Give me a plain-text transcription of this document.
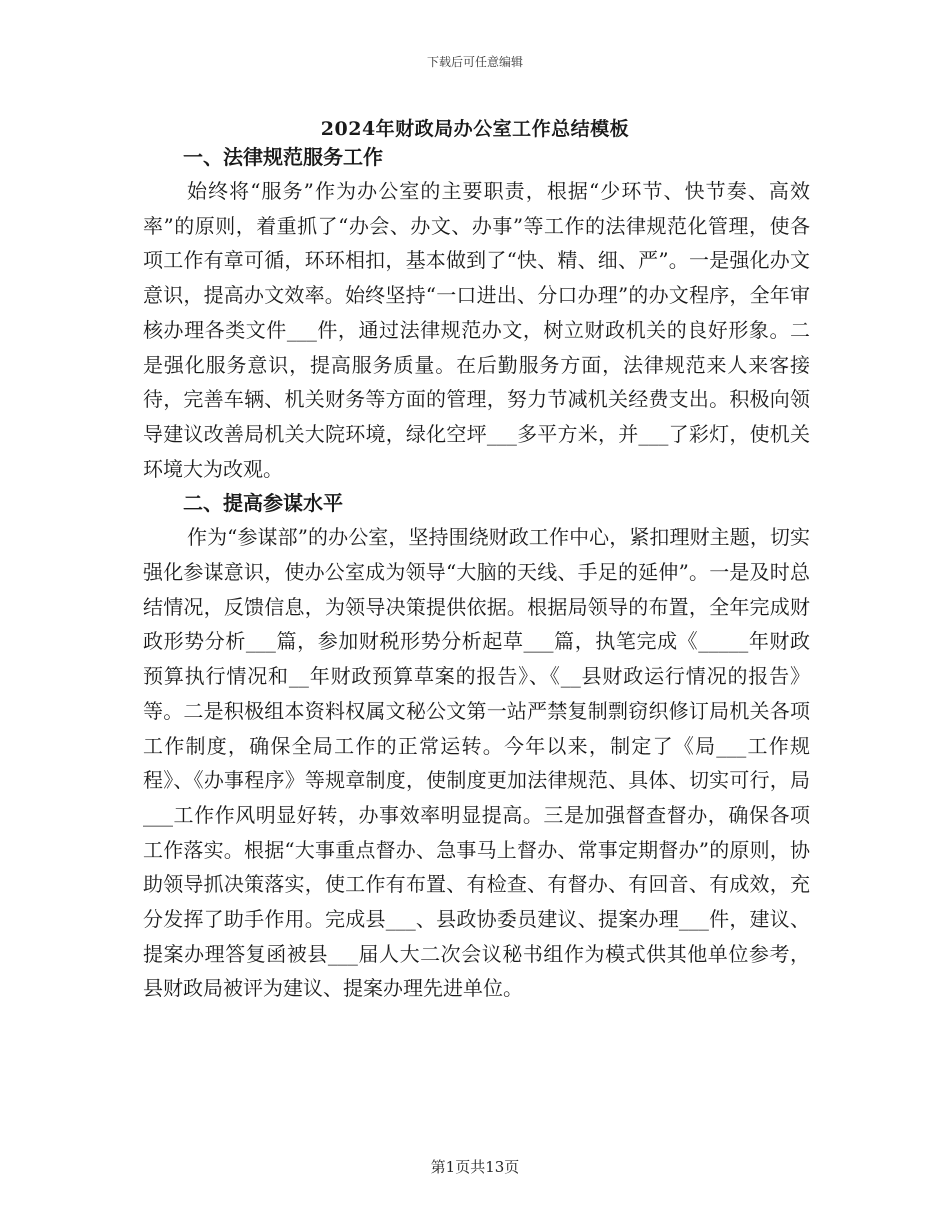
下载后可任意编辑
2024年财政局办公室工作总结模板
一、法律规范服务工作

始终将“服务”作为办公室的主要职责，根据“少环节、快节奏、高效率”的原则，着重抓了“办会、办文、办事”等工作的法律规范化管理，使各项工作有章可循，环环相扣，基本做到了“快、精、细、严”。一是强化办文意识，提高办文效率。始终坚持“一口进出、分口办理”的办文程序，全年审核办理各类文件___件，通过法律规范办文，树立财政机关的良好形象。二是强化服务意识，提高服务质量。在后勤服务方面，法律规范来人来客接待，完善车辆、机关财务等方面的管理，努力节减机关经费支出。积极向领导建议改善局机关大院环境，绿化空坪___多平方米，并___了彩灯，使机关环境大为改观。

二、提高参谋水平

作为“参谋部”的办公室，坚持围绕财政工作中心，紧扣理财主题，切实强化参谋意识，使办公室成为领导“大脑的天线、手足的延伸”。一是及时总结情况，反馈信息，为领导决策提供依据。根据局领导的布置，全年完成财政形势分析___篇，参加财税形势分析起草___篇，执笔完成《_____年财政预算执行情况和__年财政预算草案的报告》、《__县财政运行情况的报告》等。二是积极组本资料权属文秘公文第一站严禁复制剽窃织修订局机关各项工作制度，确保全局工作的正常运转。今年以来，制定了《局___工作规程》、《办事程序》等规章制度，使制度更加法律规范、具体、切实可行，局___工作作风明显好转，办事效率明显提高。三是加强督查督办，确保各项工作落实。根据“大事重点督办、急事马上督办、常事定期督办”的原则，协助领导抓决策落实，使工作有布置、有检查、有督办、有回音、有成效，充分发挥了助手作用。完成县___、县政协委员建议、提案办理___件，建议、提案办理答复函被县___届人大二次会议秘书组作为模式供其他单位参考，县财政局被评为建议、提案办理先进单位。

第1页共13页
